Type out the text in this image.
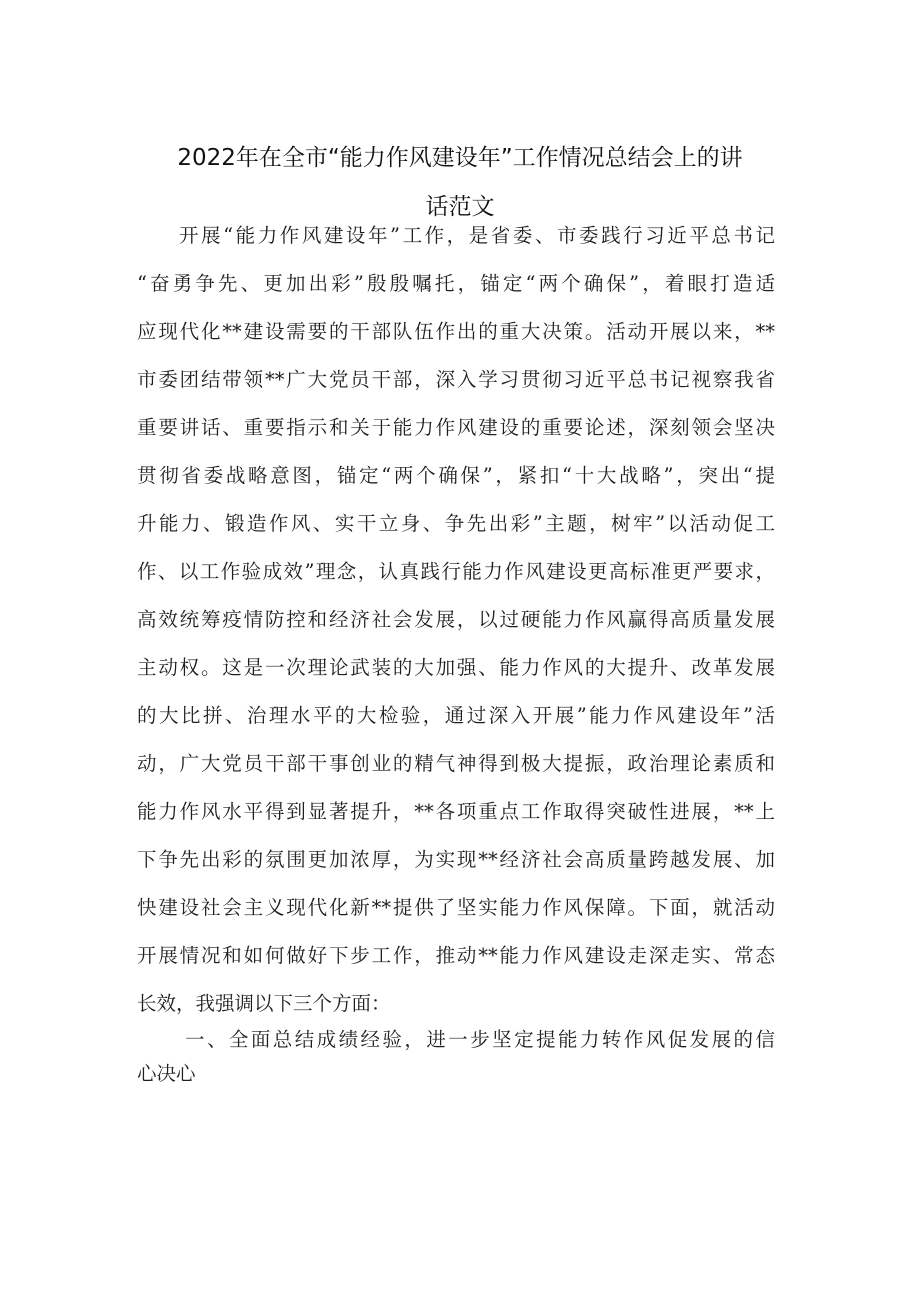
2022年在全市“能力作风建设年”工作情况总结会上的讲
话范文
开展“能力作风建设年”工作，是省委、市委践行习近平总书记
“奋勇争先、更加出彩”殷殷嘱托，锚定“两个确保”，着眼打造适
应现代化**建设需要的干部队伍作出的重大决策。活动开展以来，**
市委团结带领**广大党员干部，深入学习贯彻习近平总书记视察我省
重要讲话、重要指示和关于能力作风建设的重要论述，深刻领会坚决
贯彻省委战略意图，锚定“两个确保”，紧扣“十大战略”，突出“提
升能力、锻造作风、实干立身、争先出彩”主题，树牢”以活动促工
作、以工作验成效”理念，认真践行能力作风建设更高标准更严要求，
高效统筹疫情防控和经济社会发展，以过硬能力作风赢得高质量发展
主动权。这是一次理论武装的大加强、能力作风的大提升、改革发展
的大比拼、治理水平的大检验，通过深入开展”能力作风建设年”活
动，广大党员干部干事创业的精气神得到极大提振，政治理论素质和
能力作风水平得到显著提升，**各项重点工作取得突破性进展，**上
下争先出彩的氛围更加浓厚，为实现**经济社会高质量跨越发展、加
快建设社会主义现代化新**提供了坚实能力作风保障。下面，就活动
开展情况和如何做好下步工作，推动**能力作风建设走深走实、常态
长效，我强调以下三个方面：
一、全面总结成绩经验，进一步坚定提能力转作风促发展的信
心决心
